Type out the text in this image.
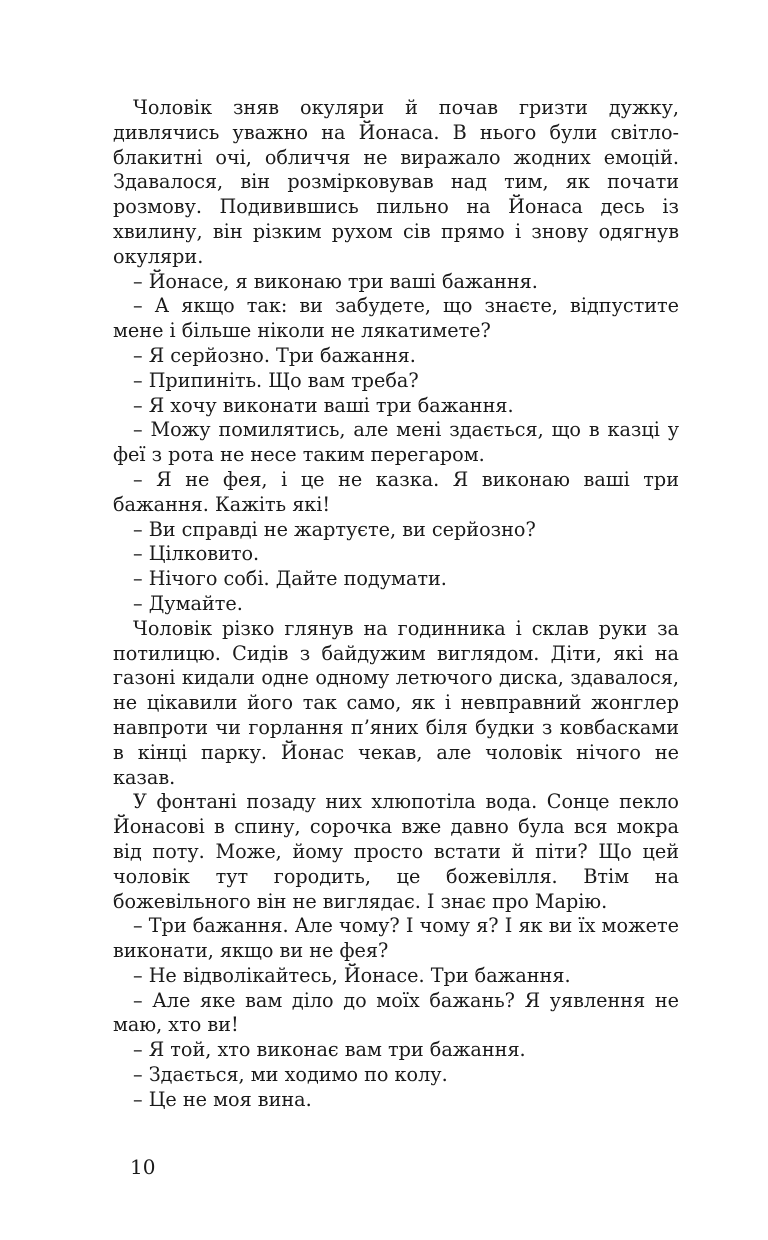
Чоловік зняв окуляри й почав гризти дужку, дивлячись уважно на Йонаса. В нього були світло-блакитні очі, обличчя не виражало жодних емоцій. Здавалося, він розмірковував над тим, як почати розмову. Подивившись пильно на Йонаса десь із хвилину, він різким рухом сів прямо і знову одягнув окуляри.

– Йонасе, я виконаю три ваші бажання.

– А якщо так: ви забудете, що знаєте, відпустите мене і більше ніколи не лякатимете?

– Я серйозно. Три бажання.

– Припиніть. Що вам треба?

– Я хочу виконати ваші три бажання.

– Можу помилятись, але мені здається, що в казці у феї з рота не несе таким перегаром.

– Я не фея, і це не казка. Я виконаю ваші три бажання. Кажіть які!

– Ви справді не жартуєте, ви серйозно?

– Цілковито.

– Нічого собі. Дайте подумати.

– Думайте.

Чоловік різко глянув на годинника і склав руки за потилицю. Сидів з байдужим виглядом. Діти, які на газоні кидали одне одному летючого диска, здавалося, не цікавили його так само, як і невправний жонглер навпроти чи горлання п’яних біля будки з ковбасками в кінці парку. Йонас чекав, але чоловік нічого не казав.

У фонтані позаду них хлюпотіла вода. Сонце пекло Йонасові в спину, сорочка вже давно була вся мокра від поту. Може, йому просто встати й піти? Що цей чоловік тут городить, це божевілля. Втім на божевільного він не виглядає. І знає про Марію.

– Три бажання. Але чому? І чому я? І як ви їх можете виконати, якщо ви не фея?

– Не відволікайтесь, Йонасе. Три бажання.

– Але яке вам діло до моїх бажань? Я уявлення не маю, хто ви!

– Я той, хто виконає вам три бажання.

– Здається, ми ходимо по колу.

– Це не моя вина.

10
